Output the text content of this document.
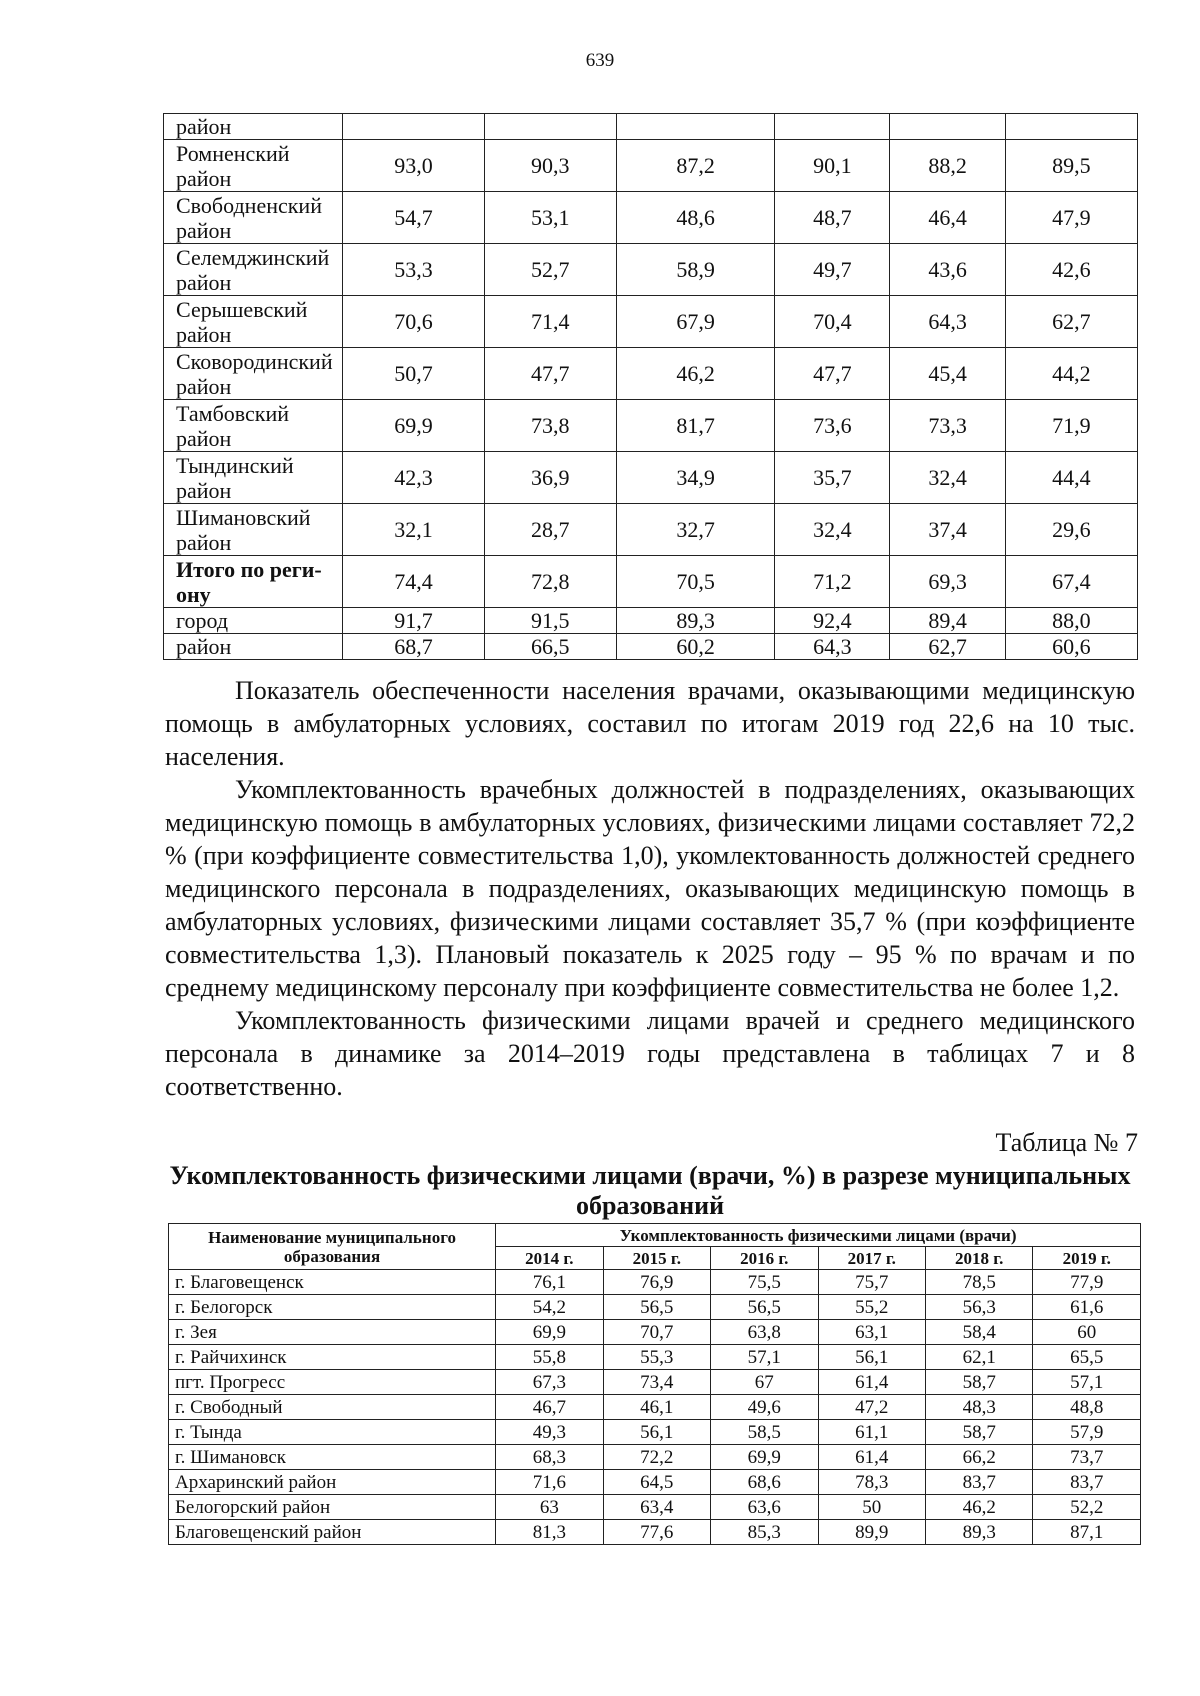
639
район						
Ромненский
район	93,0	90,3	87,2	90,1	88,2	89,5
Свободненский
район	54,7	53,1	48,6	48,7	46,4	47,9
Селемджинский
район	53,3	52,7	58,9	49,7	43,6	42,6
Серышевский
район	70,6	71,4	67,9	70,4	64,3	62,7
Сковородинский
район	50,7	47,7	46,2	47,7	45,4	44,2
Тамбовский
район	69,9	73,8	81,7	73,6	73,3	71,9
Тындинский
район	42,3	36,9	34,9	35,7	32,4	44,4
Шимановский
район	32,1	28,7	32,7	32,4	37,4	29,6
Итого по реги-
ону	74,4	72,8	70,5	71,2	69,3	67,4
город	91,7	91,5	89,3	92,4	89,4	88,0
район	68,7	66,5	60,2	64,3	62,7	60,6

Показатель обеспеченности населения врачами, оказывающими медицинскую помощь в амбулаторных условиях, составил по итогам 2019 год 22,6 на 10 тыс. населения.

Укомплектованность врачебных должностей в подразделениях, оказывающих медицинскую помощь в амбулаторных условиях, физическими лицами составляет 72,2 % (при коэффициенте совместительства 1,0), укомлектованность должностей среднего медицинского персонала в подразделениях, оказывающих медицинскую помощь в амбулаторных условиях, физическими лицами составляет 35,7 % (при коэффициенте совместительства 1,3). Плановый показатель к 2025 году – 95 % по врачам и по среднему медицинскому персоналу при коэффициенте совместительства не более 1,2.

Укомплектованность физическими лицами врачей и среднего медицинского персонала в динамике за 2014–2019 годы представлена в таблицах 7 и 8 соответственно.

Таблица № 7
Укомплектованность физическими лицами (врачи, %) в разрезе муниципальных образований
Наименование муниципального образования	Укомплектованность физическими лицами (врачи)					
	2014 г.	2015 г.	2016 г.	2017 г.	2018 г.	2019 г.
г. Благовещенск	76,1	76,9	75,5	75,7	78,5	77,9
г. Белогорск	54,2	56,5	56,5	55,2	56,3	61,6
г. Зея	69,9	70,7	63,8	63,1	58,4	60
г. Райчихинск	55,8	55,3	57,1	56,1	62,1	65,5
пгт. Прогресс	67,3	73,4	67	61,4	58,7	57,1
г. Свободный	46,7	46,1	49,6	47,2	48,3	48,8
г. Тында	49,3	56,1	58,5	61,1	58,7	57,9
г. Шимановск	68,3	72,2	69,9	61,4	66,2	73,7
Архаринский район	71,6	64,5	68,6	78,3	83,7	83,7
Белогорский район	63	63,4	63,6	50	46,2	52,2
Благовещенский район	81,3	77,6	85,3	89,9	89,3	87,1
